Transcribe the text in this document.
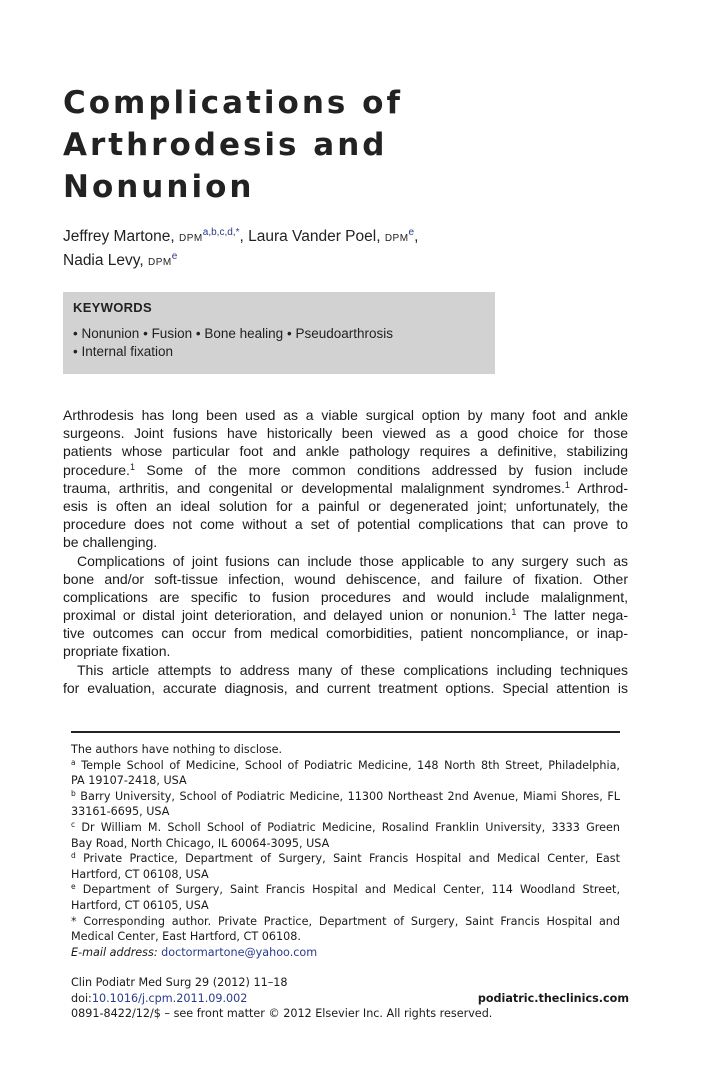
Complications of
Arthrodesis and
Nonunion
Jeffrey Martone, $DPM^{a,b,c,d,*}$, Laura Vander Poel, DPM$^e$,
Nadia Levy, DPM$^e$
KEYWORDS
• Nonunion • Fusion • Bone healing • Pseudoarthrosis
• Internal fixation
Arthrodesis has long been used as a viable surgical option by many foot and ankle
surgeons. Joint fusions have historically been viewed as a good choice for those
patients whose particular foot and ankle pathology requires a definitive, stabilizing
procedure.$^1$ Some of the more common conditions addressed by fusion include
trauma, arthritis, and congenital or developmental malalignment syndromes.$^1$ Arthrod-
esis is often an ideal solution for a painful or degenerated joint; unfortunately, the
procedure does not come without a set of potential complications that can prove to
be challenging.
Complications of joint fusions can include those applicable to any surgery such as
bone and/or soft-tissue infection, wound dehiscence, and failure of fixation. Other
complications are specific to fusion procedures and would include malalignment,
proximal or distal joint deterioration, and delayed union or nonunion.$^1$ The latter nega-
tive outcomes can occur from medical comorbidities, patient noncompliance, or inap-
propriate fixation.
This article attempts to address many of these complications including techniques
for evaluation, accurate diagnosis, and current treatment options. Special attention is
The authors have nothing to disclose.
$^a$ Temple School of Medicine, School of Podiatric Medicine, 148 North 8th Street, Philadelphia,
PA 19107-2418, USA
$^b$ Barry University, School of Podiatric Medicine, 11300 Northeast 2nd Avenue, Miami Shores, FL
33161-6695, USA
$^c$ Dr William M. Scholl School of Podiatric Medicine, Rosalind Franklin University, 3333 Green
Bay Road, North Chicago, IL 60064-3095, USA
$^d$ Private Practice, Department of Surgery, Saint Francis Hospital and Medical Center, East
Hartford, CT 06108, USA
$^e$ Department of Surgery, Saint Francis Hospital and Medical Center, 114 Woodland Street,
Hartford, CT 06105, USA
* Corresponding author. Private Practice, Department of Surgery, Saint Francis Hospital and
Medical Center, East Hartford, CT 06108.
E-mail address: doctormartone@yahoo.com
Clin Podiatr Med Surg 29 (2012) 11–18
doi:10.1016/j.cpm.2011.09.002	podiatric.theclinics.com
0891-8422/12/$ – see front matter © 2012 Elsevier Inc. All rights reserved.
